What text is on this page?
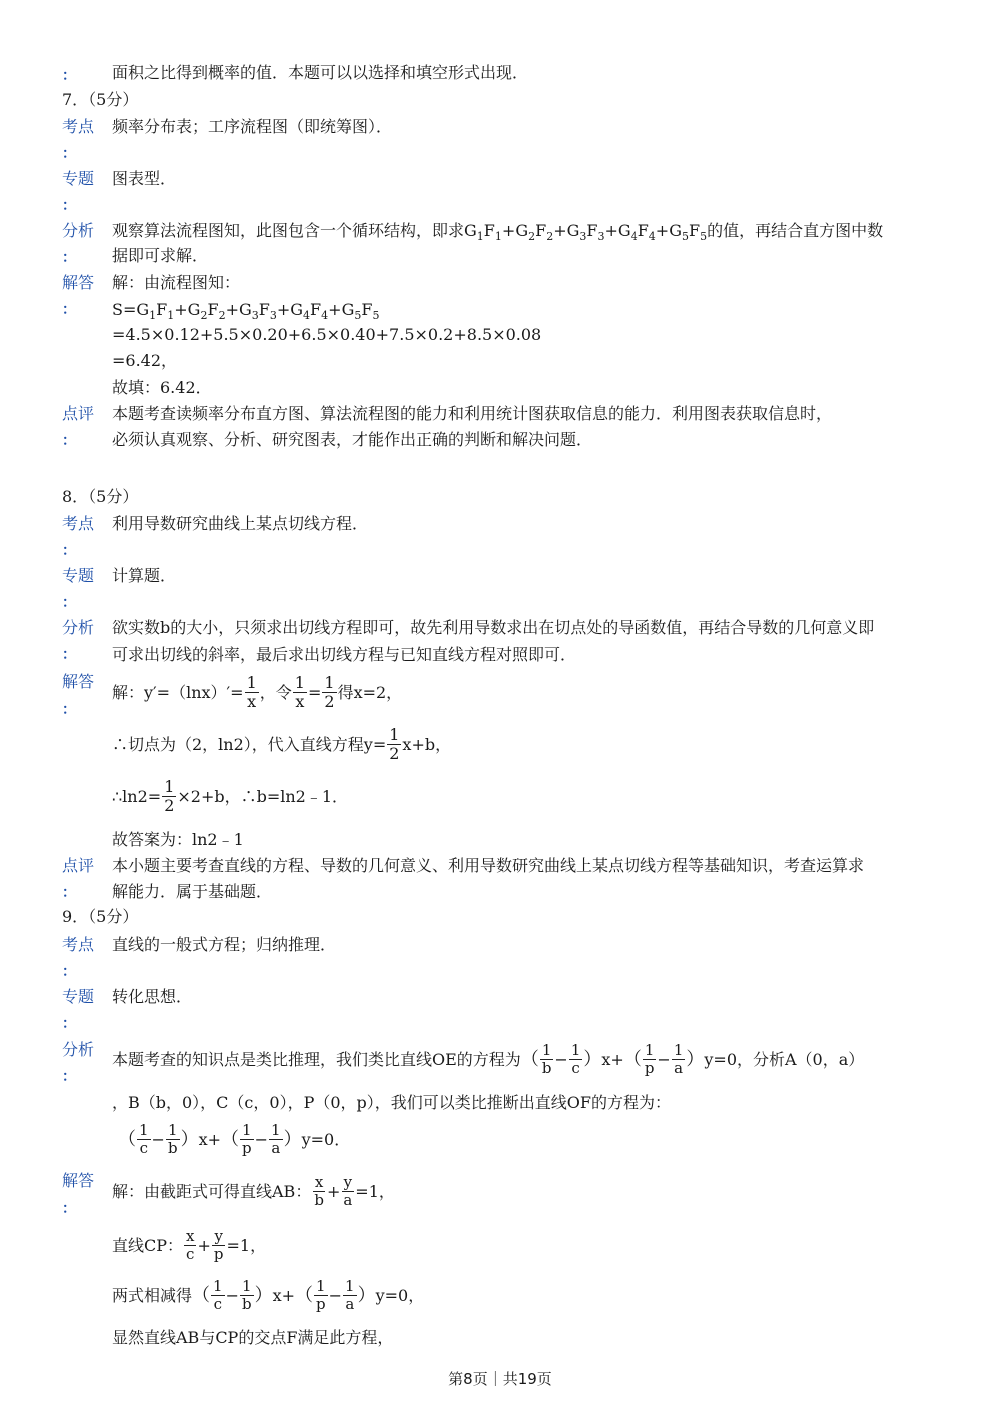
： 面积之比得到概率的值．本题可以以选择和填空形式出现．
7．（5分）
考点
：
频率分布表；工序流程图（即统筹图）．
专题
：
图表型．
分析
：
观察算法流程图知，此图包含一个循环结构，即求$G_1F_1+G_2F_2+G_3F_3+G_4F_4+G_5F_5$的值，再结合直方图中数
据即可求解．
解答
：
解：由流程图知：
$S=G_1F_1+G_2F_2+G_3F_3+G_4F_4+G_5F_5$
=4.5×0.12+5.5×0.20+6.5×0.40+7.5×0.2+8.5×0.08
=6.42，
故填：6.42．
点评
：
本题考查读频率分布直方图、算法流程图的能力和利用统计图获取信息的能力．利用图表获取信息时，
必须认真观察、分析、研究图表，才能作出正确的判断和解决问题．
8．（5分）
考点
：
利用导数研究曲线上某点切线方程．
专题
：
计算题．
分析
：
欲实数b的大小，只须求出切线方程即可，故先利用导数求出在切点处的导函数值，再结合导数的几何意义即
可求出切线的斜率，最后求出切线方程与已知直线方程对照即可．
解答
：
解：$y'=(\ln x)'= \frac{1}{x}$ ，令 $\frac{1}{x} = \frac{1}{2}$ 得x=2，
∴切点为（2，ln2），代入直线方程$y= \frac{1}{2} x+b$，
∴ln2= $\frac{1}{2} \times 2+b$，∴b=ln2﹣1．
故答案为：ln2﹣1
点评
：
本小题主要考查直线的方程、导数的几何意义、利用导数研究曲线上某点切线方程等基础知识，考查运算求
解能力．属于基础题．
9．（5分）
考点
：
直线的一般式方程；归纳推理．
专题
：
转化思想．
分析
：
本题考查的知识点是类比推理，我们类比直线OE的方程为 （ $\frac{1}{b} - \frac{1}{c}$ ） x+ （ $\frac{1}{p} - \frac{1}{a}$ ） y=0，分析A（0，a）
，B（b，0），C（c，0），P（0，p），我们可以类比推断出直线OF的方程为：
（ $\frac{1}{c} - \frac{1}{b}$ ） x+ （ $\frac{1}{p} - \frac{1}{a}$ ） y=0．
解答
：
解：由截距式可得直线AB： $\frac{x}{b} + \frac{y}{a} =1$，
直线CP： $\frac{x}{c} + \frac{y}{p} =1$，
两式相减得 （ $\frac{1}{c} - \frac{1}{b}$ ） x+ （ $\frac{1}{p} - \frac{1}{a}$ ） y=0，
显然直线AB与CP的交点F满足此方程，
第8页｜共19页
